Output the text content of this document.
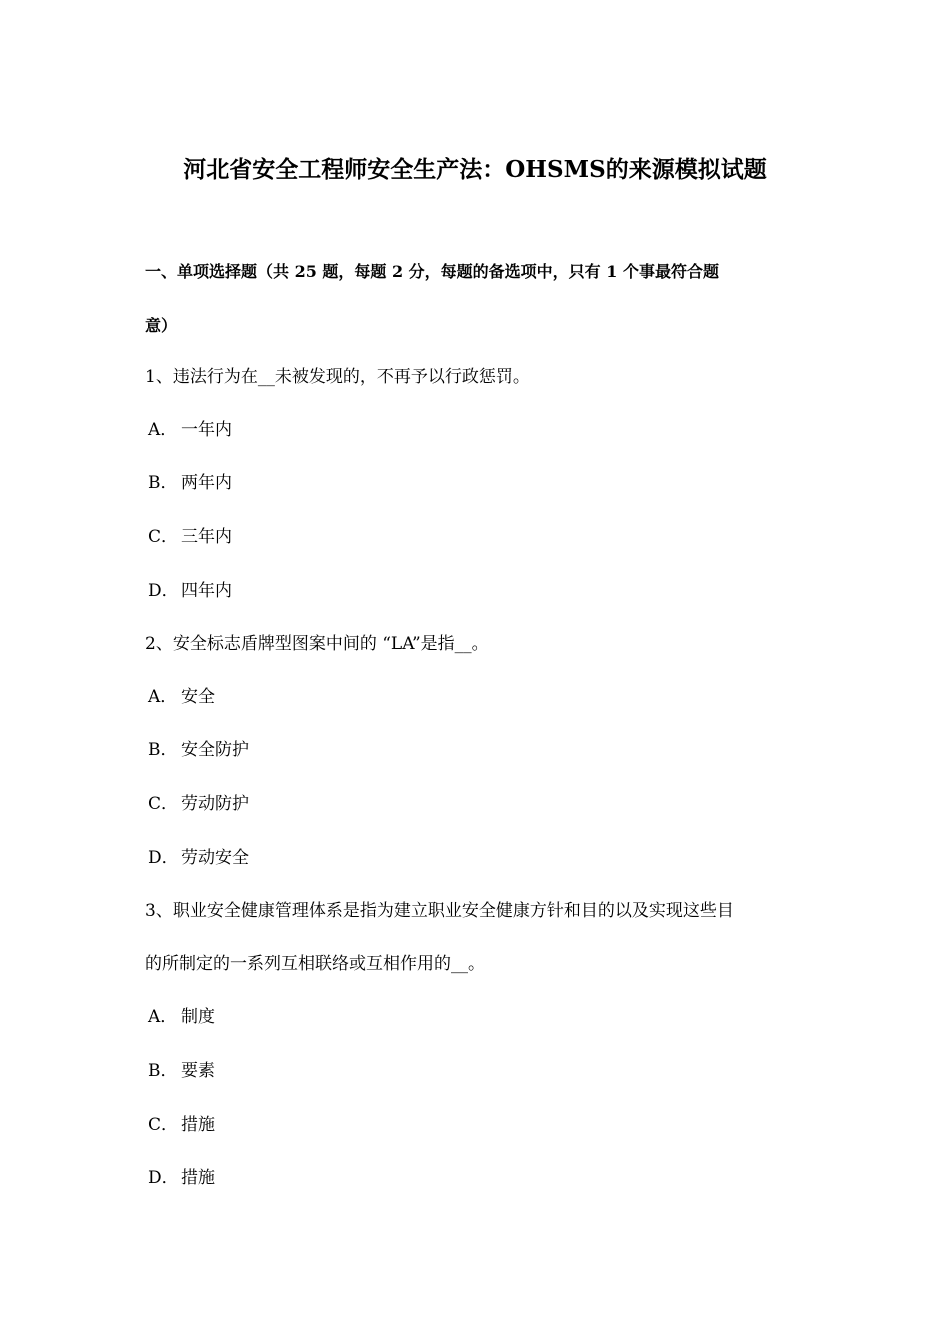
河北省安全工程师安全生产法：OHSMS的来源模拟试题
一、单项选择题（共 25 题，每题 2 分，每题的备选项中，只有 1 个事最符合题
意）
1、违法行为在__未被发现的，不再予以行政惩罚。
A． 一年内
B． 两年内
C． 三年内
D． 四年内
2、安全标志盾牌型图案中间的 “LA”是指__。
A． 安全
B． 安全防护
C． 劳动防护
D． 劳动安全
3、职业安全健康管理体系是指为建立职业安全健康方针和目的以及实现这些目
的所制定的一系列互相联络或互相作用的__。
A． 制度
B． 要素
C． 措施
D． 措施
